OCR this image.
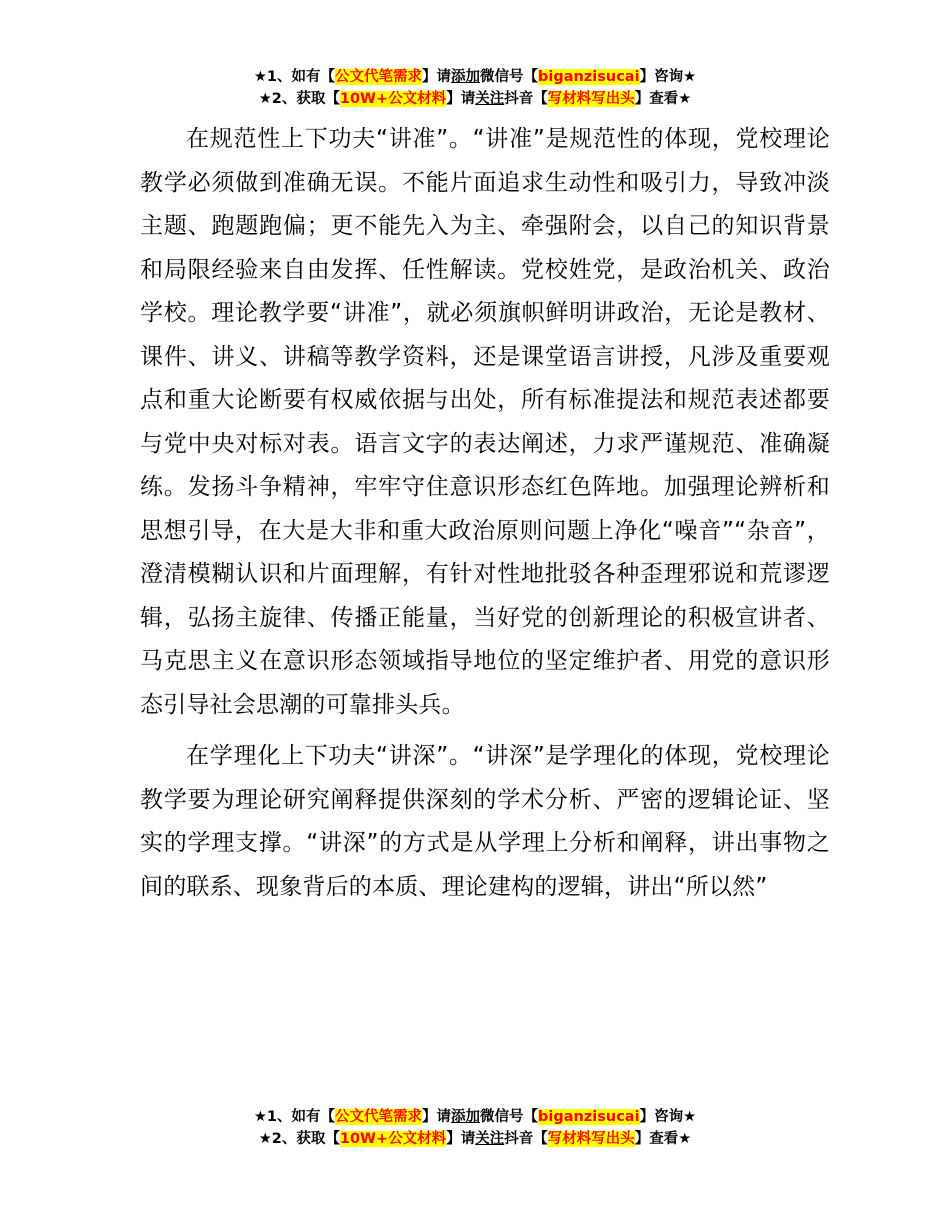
★1、如有【公文代笔需求】请添加微信号【biganzisucai】咨询★
★2、获取【10W+公文材料】请关注抖音【写材料写出头】查看★

在规范性上下功夫“讲准”。“讲准”是规范性的体现，党校理论教学必须做到准确无误。不能片面追求生动性和吸引力，导致冲淡主题、跑题跑偏；更不能先入为主、牵强附会，以自己的知识背景和局限经验来自由发挥、任性解读。党校姓党，是政治机关、政治学校。理论教学要“讲准”，就必须旗帜鲜明讲政治，无论是教材、课件、讲义、讲稿等教学资料，还是课堂语言讲授，凡涉及重要观点和重大论断要有权威依据与出处，所有标准提法和规范表述都要与党中央对标对表。语言文字的表达阐述，力求严谨规范、准确凝练。发扬斗争精神，牢牢守住意识形态红色阵地。加强理论辨析和思想引导，在大是大非和重大政治原则问题上净化“噪音”“杂音”，澄清模糊认识和片面理解，有针对性地批驳各种歪理邪说和荒谬逻辑，弘扬主旋律、传播正能量，当好党的创新理论的积极宣讲者、马克思主义在意识形态领域指导地位的坚定维护者、用党的意识形态引导社会思潮的可靠排头兵。

在学理化上下功夫“讲深”。“讲深”是学理化的体现，党校理论教学要为理论研究阐释提供深刻的学术分析、严密的逻辑论证、坚实的学理支撑。“讲深”的方式是从学理上分析和阐释，讲出事物之间的联系、现象背后的本质、理论建构的逻辑，讲出“所以然”

★1、如有【公文代笔需求】请添加微信号【biganzisucai】咨询★
★2、获取【10W+公文材料】请关注抖音【写材料写出头】查看★
